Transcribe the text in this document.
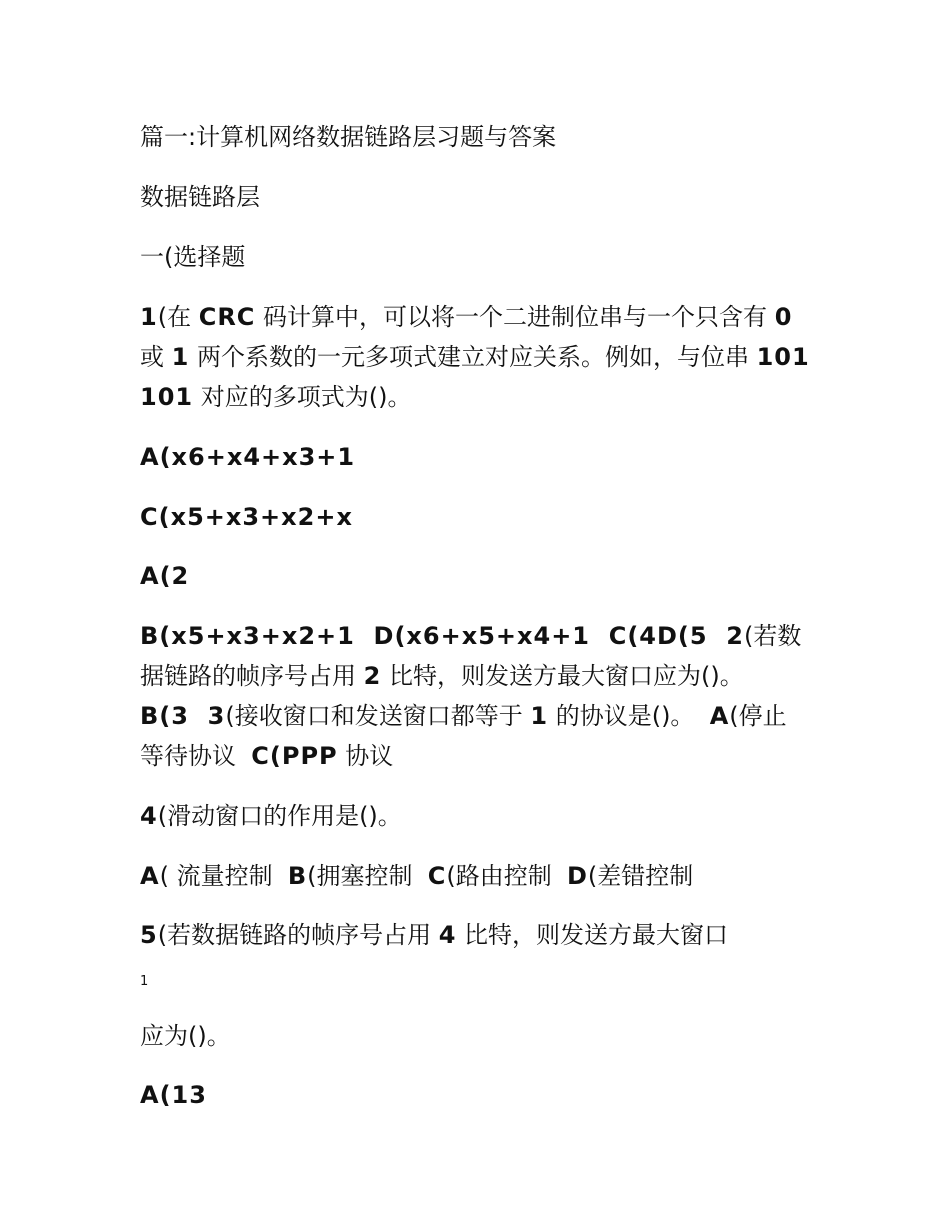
篇一:计算机网络数据链路层习题与答案

数据链路层

一(选择题

1(在 CRC 码计算中，可以将一个二进制位串与一个只含有 0 或 1 两个系数的一元多项式建立对应关系。例如，与位串 101101 对应的多项式为()。

A(x6+x4+x3+1

C(x5+x3+x2+x

A(2

B(x5+x3+x2+1  D(x6+x5+x4+1  C(4D(5  2(若数据链路的帧序号占用 2 比特，则发送方最大窗口应为()。B(3  3(接收窗口和发送窗口都等于 1 的协议是()。  A(停止等待协议  C(PPP 协议

4(滑动窗口的作用是()。

A( 流量控制  B(拥塞控制  C(路由控制  D(差错控制

5(若数据链路的帧序号占用 4 比特，则发送方最大窗口

1

应为()。

A(13
